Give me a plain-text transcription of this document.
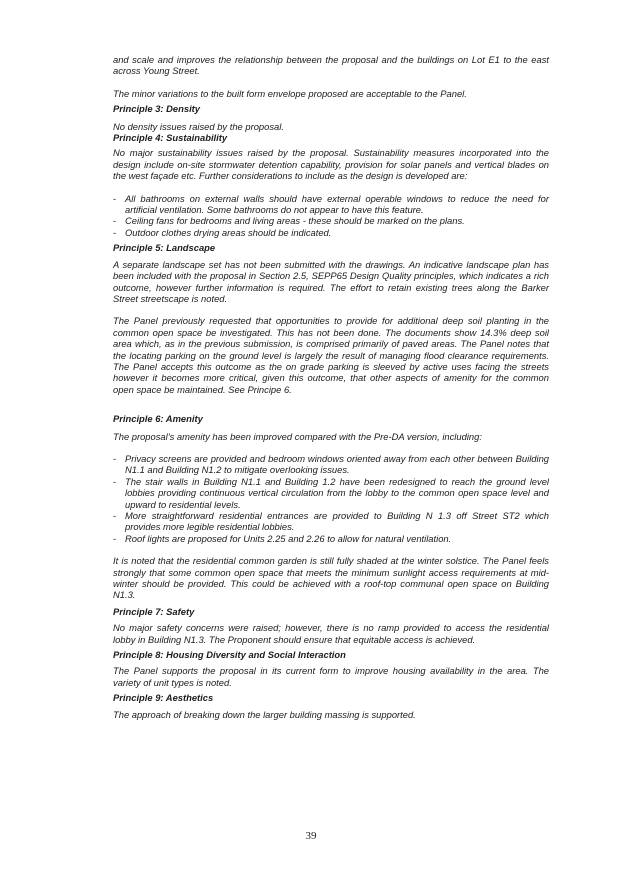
and scale and improves the relationship between the proposal and the buildings on Lot E1 to the east across Young Street.

The minor variations to the built form envelope proposed are acceptable to the Panel.

Principle 3: Density

No density issues raised by the proposal.

Principle 4: Sustainability

No major sustainability issues raised by the proposal. Sustainability measures incorporated into the design include on-site stormwater detention capability, provision for solar panels and vertical blades on the west façade etc. Further considerations to include as the design is developed are:

- All bathrooms on external walls should have external operable windows to reduce the need for artificial ventilation. Some bathrooms do not appear to have this feature.
- Ceiling fans for bedrooms and living areas - these should be marked on the plans.
- Outdoor clothes drying areas should be indicated.

Principle 5: Landscape

A separate landscape set has not been submitted with the drawings. An indicative landscape plan has been included with the proposal in Section 2.5, SEPP65 Design Quality principles, which indicates a rich outcome, however further information is required. The effort to retain existing trees along the Barker Street streetscape is noted.

The Panel previously requested that opportunities to provide for additional deep soil planting in the common open space be investigated. This has not been done. The documents show 14.3% deep soil area which, as in the previous submission, is comprised primarily of paved areas. The Panel notes that the locating parking on the ground level is largely the result of managing flood clearance requirements. The Panel accepts this outcome as the on grade parking is sleeved by active uses facing the streets however it becomes more critical, given this outcome, that other aspects of amenity for the common open space be maintained. See Principe 6.

Principle 6: Amenity

The proposal’s amenity has been improved compared with the Pre-DA version, including:

- Privacy screens are provided and bedroom windows oriented away from each other between Building N1.1 and Building N1.2 to mitigate overlooking issues.
- The stair walls in Building N1.1 and Building 1.2 have been redesigned to reach the ground level lobbies providing continuous vertical circulation from the lobby to the common open space level and upward to residential levels.
- More straightforward residential entrances are provided to Building N 1.3 off Street ST2 which provides more legible residential lobbies.
- Roof lights are proposed for Units 2.25 and 2.26 to allow for natural ventilation.

It is noted that the residential common garden is still fully shaded at the winter solstice. The Panel feels strongly that some common open space that meets the minimum sunlight access requirements at mid-winter should be provided. This could be achieved with a roof-top communal open space on Building N1.3.

Principle 7: Safety

No major safety concerns were raised; however, there is no ramp provided to access the residential lobby in Building N1.3. The Proponent should ensure that equitable access is achieved.

Principle 8: Housing Diversity and Social Interaction

The Panel supports the proposal in its current form to improve housing availability in the area. The variety of unit types is noted.

Principle 9: Aesthetics

The approach of breaking down the larger building massing is supported.

39
